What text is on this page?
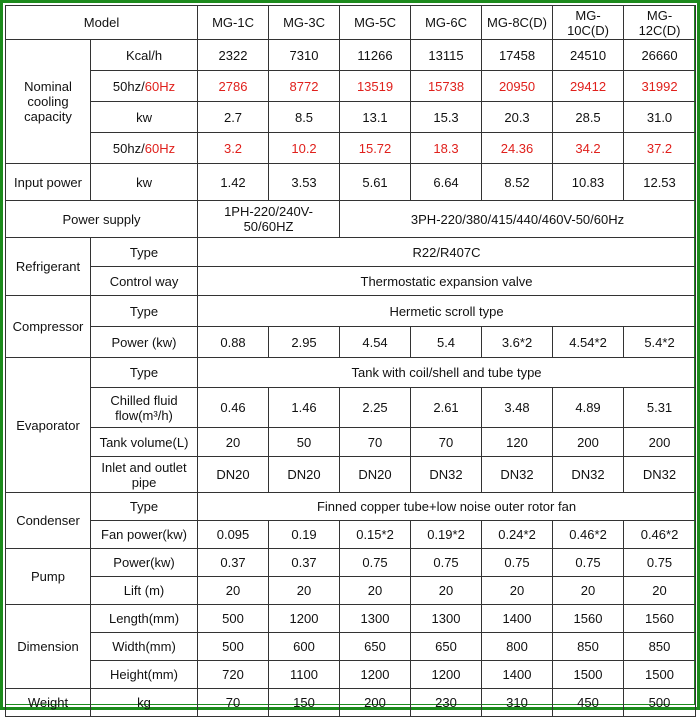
Model		MG-1C	MG-3C	MG-5C	MG-6C	MG-8C(D)	MG-10C(D)	MG-12C(D)
Nominal cooling capacity	Kcal/h	2322	7310	11266	13115	17458	24510	26660
	50hz/60Hz	2786	8772	13519	15738	20950	29412	31992
	kw	2.7	8.5	13.1	15.3	20.3	28.5	31.0
	50hz/60Hz	3.2	10.2	15.72	18.3	24.36	34.2	37.2
Input power	kw	1.42	3.53	5.61	6.64	8.52	10.83	12.53
Power supply		1PH-220/240V-50/60HZ		3PH-220/380/415/440/460V-50/60Hz				
Refrigerant	Type	R22/R407C						
	Control way	Thermostatic expansion valve						
Compressor	Type	Hermetic scroll type						
	Power (kw)	0.88	2.95	4.54	5.4	3.6*2	4.54*2	5.4*2
Evaporator	Type	Tank with coil/shell and tube type						
	Chilled fluid flow(m³/h)	0.46	1.46	2.25	2.61	3.48	4.89	5.31
	Tank volume(L)	20	50	70	70	120	200	200
	Inlet and outlet pipe	DN20	DN20	DN20	DN32	DN32	DN32	DN32
Condenser	Type	Finned copper tube+low noise outer rotor fan						
	Fan power(kw)	0.095	0.19	0.15*2	0.19*2	0.24*2	0.46*2	0.46*2
Pump	Power(kw)	0.37	0.37	0.75	0.75	0.75	0.75	0.75
	Lift (m)	20	20	20	20	20	20	20
Dimension	Length(mm)	500	1200	1300	1300	1400	1560	1560
	Width(mm)	500	600	650	650	800	850	850
	Height(mm)	720	1100	1200	1200	1400	1500	1500
Weight	kg	70	150	200	230	310	450	500
